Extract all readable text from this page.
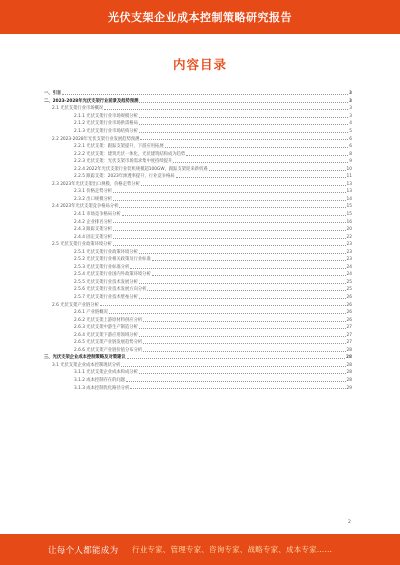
光伏支架企业成本控制策略研究报告
内容目录
一、引言	3
二、2023-2028年光伏支架行业前景及趋势预测	3
2.1 光伏支架行业市场概况	3
2.1.1 光伏支架行业市场规模分析	3
2.1.2 光伏支架行业市场供需格局	4
2.1.3 光伏支架行业市场结构分析	5
2.2 2023-2028年光伏支架行业发展趋势预测	6
2.2.1 光伏支架：跟踪支架提升，下游应用拓展	6
2.2.2 光伏支架：建筑光伏一体化，光伏建筑结构成为趋势	8
2.2.3 光伏支架：光伏支架市场需求集中度持续提升	9
2.2.4 2022年光伏支架行业装机规模超100GW，跟踪支架迎来新机遇	10
2.2.5 跟踪支架：2023年渗透率提升，行业竞争格局	11
2.3 2023年光伏支架出口规模、价格走势分析	13
2.3.1 价格走势分析	13
2.3.2 出口规模分析	14
2.4 2023年光伏支架竞争格局分析	15
2.4.1 市场竞争格局分析	15
2.4.2 企业排名分析	16
2.4.3 跟踪支架分析	20
2.4.4 固定支架分析	22
2.5 光伏支架行业政策环境分析	23
2.5.1 光伏支架行业政策环境分析	23
2.5.2 光伏支架行业相关政策及行业标准	23
2.5.3 光伏支架行业标准分析	24
2.5.4 光伏支架行业国内外政策环境分析	24
2.5.5 光伏支架行业技术发展分析	25
2.5.6 光伏支架行业技术发展方向分析	25
2.5.7 光伏支架行业技术壁垒分析	26
2.6 光伏支架产业链分析	26
2.6.1 产业链概况	26
2.6.2 光伏支架上游原材料供应分析	26
2.6.3 光伏支架中游生产制造分析	27
2.6.4 光伏支架下游应用领域分析	27
2.6.5 光伏支架产业链发展趋势分析	27
2.6.6 光伏支架产业链价值分布分析	28
三、光伏支架企业成本控制策略及对策建议	28
3.1 光伏支架企业成本控制现状分析	28
3.1.1 光伏支架企业成本构成分析	28
3.1.2 成本控制存在的问题	28
3.1.3 成本控制优化路径分析	29
2
让每个人都能成为 行业专家、管理专家、咨询专家、战略专家、成本专家……
